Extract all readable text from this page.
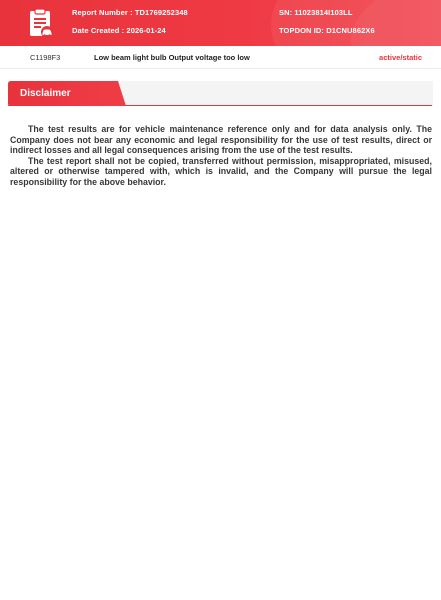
Report Number : TD1769252348
Date Created : 2026-01-24
SN: 11023814I103LL
TOPDON ID: D1CNU862X6
C1198F3	Low beam light bulb Output voltage too low	active/static
Disclaimer

The test results are for vehicle maintenance reference only and for data analysis only. The Company does not bear any economic and legal responsibility for the use of test results, direct or indirect losses and all legal consequences arising from the use of the test results.

The test report shall not be copied, transferred without permission, misappropriated, misused, altered or otherwise tampered with, which is invalid, and the Company will pursue the legal responsibility for the above behavior.
